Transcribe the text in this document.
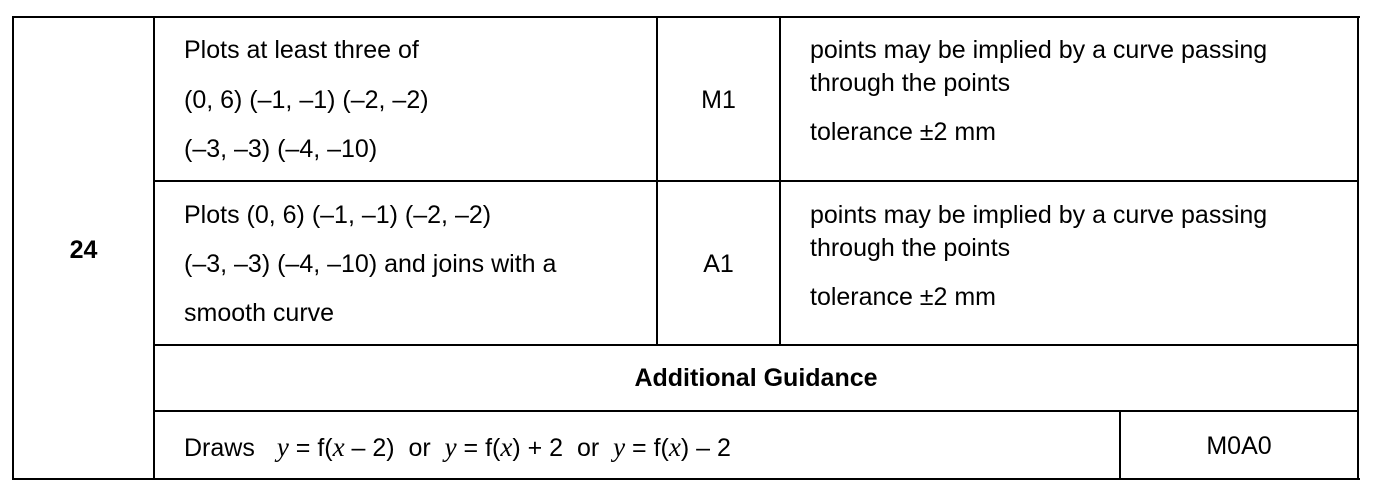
24
Plots at least three of
(0, 6) (–1, –1) (–2, –2)
(–3, –3) (–4, –10)
M1
points may be implied by a curve passing
through the points
tolerance ±2 mm
Plots (0, 6) (–1, –1) (–2, –2)
(–3, –3) (–4, –10) and joins with a
smooth curve
A1
points may be implied by a curve passing
through the points
tolerance ±2 mm
Additional Guidance
Draws y = f(x – 2)  or  y = f(x) + 2  or  y = f(x) – 2	M0A0
